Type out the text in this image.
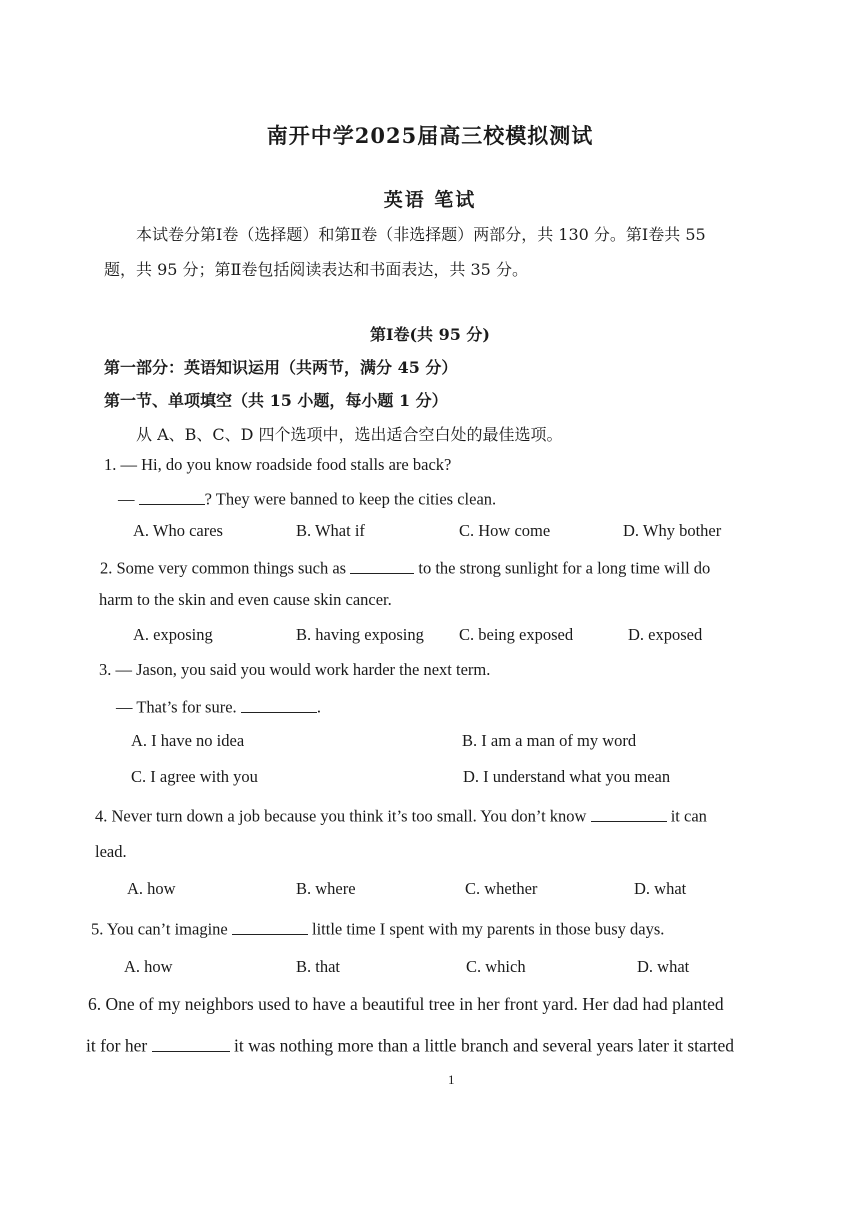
南开中学2025届高三校模拟测试
英语 笔试
本试卷分第Ⅰ卷（选择题）和第Ⅱ卷（非选择题）两部分，共 130 分。第Ⅰ卷共 55
题，共 95 分；第Ⅱ卷包括阅读表达和书面表达，共 35 分。
第Ⅰ卷(共 95 分)
第一部分：英语知识运用（共两节，满分 45 分）
第一节、单项填空（共 15 小题，每小题 1 分）
从 A、B、C、D 四个选项中，选出适合空白处的最佳选项。
1. — Hi, do you know roadside food stalls are back?
—	? They were banned to keep the cities clean.
A. Who cares	B. What if	C. How come	D. Why bother
2. Some very common things such as	to the strong sunlight for a long time will do
harm to the skin and even cause skin cancer.
A. exposing	B. having exposing C. being exposed	D. exposed
3. — Jason, you said you would work harder the next term.
— That’s for sure.	.
A. I have no idea	B. I am a man of my word
C. I agree with you	D. I understand what you mean
4. Never turn down a job because you think it’s too small. You don’t know	it can
lead.
A. how	B. where	C. whether	D. what
5. You can’t imagine	little time I spent with my parents in those busy days.
A. how	B. that	C. which	D. what
6. One of my neighbors used to have a beautiful tree in her front yard. Her dad had planted
it for her	it was nothing more than a little branch and several years later it started
1
